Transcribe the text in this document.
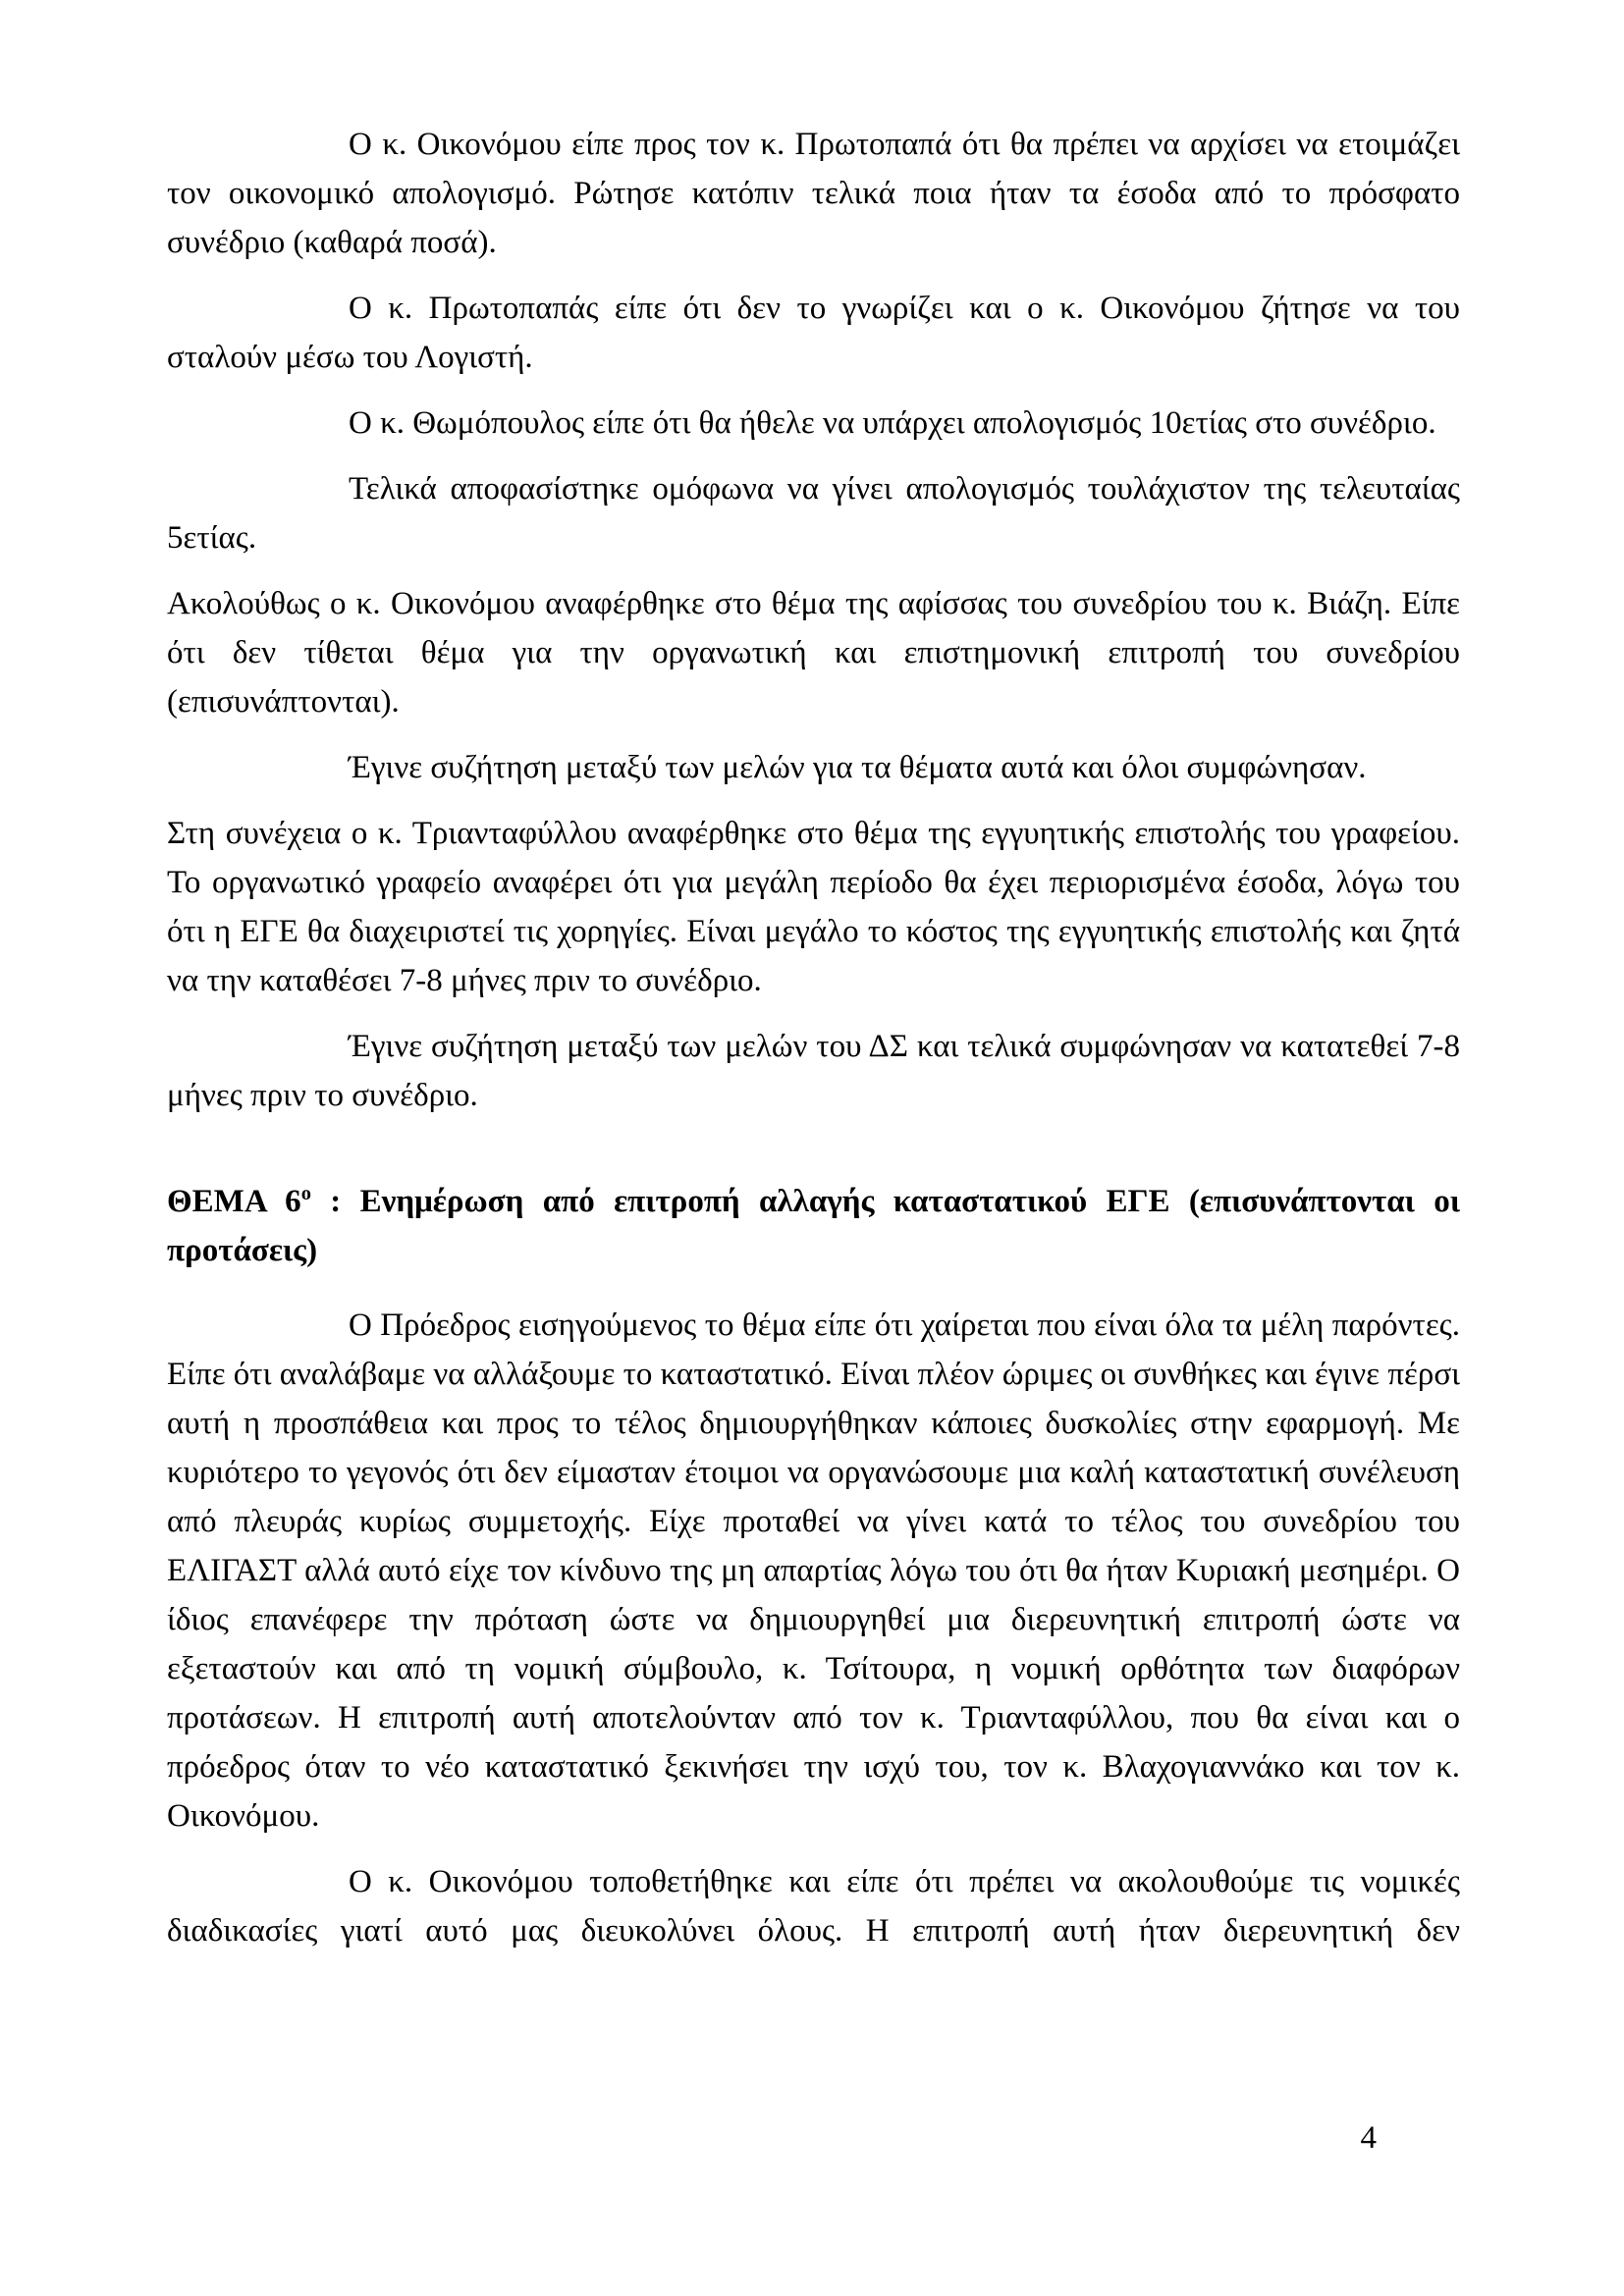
Ο κ. Οικονόμου είπε προς τον κ. Πρωτοπαπά ότι θα πρέπει να αρχίσει να ετοιμάζει τον οικονομικό απολογισμό. Ρώτησε κατόπιν τελικά ποια ήταν τα έσοδα από το πρόσφατο συνέδριο (καθαρά ποσά).

Ο κ. Πρωτοπαπάς είπε ότι δεν το γνωρίζει και ο κ. Οικονόμου ζήτησε να του σταλούν μέσω του Λογιστή.

Ο κ. Θωμόπουλος είπε ότι θα ήθελε να υπάρχει απολογισμός 10ετίας στο συνέδριο.

Τελικά αποφασίστηκε ομόφωνα να γίνει απολογισμός τουλάχιστον της τελευταίας 5ετίας.

Ακολούθως ο κ. Οικονόμου αναφέρθηκε στο θέμα της αφίσσας του συνεδρίου του κ. Βιάζη. Είπε ότι δεν τίθεται θέμα για την οργανωτική και επιστημονική επιτροπή του συνεδρίου (επισυνάπτονται).

Έγινε συζήτηση μεταξύ των μελών για τα θέματα αυτά και όλοι συμφώνησαν.

Στη συνέχεια ο κ. Τριανταφύλλου αναφέρθηκε στο θέμα της εγγυητικής επιστολής του γραφείου. Το οργανωτικό γραφείο αναφέρει ότι για μεγάλη περίοδο θα έχει περιορισμένα έσοδα, λόγω του ότι η ΕΓΕ θα διαχειριστεί τις χορηγίες. Είναι μεγάλο το κόστος της εγγυητικής επιστολής και ζητά να την καταθέσει 7-8 μήνες πριν το συνέδριο.

Έγινε συζήτηση μεταξύ των μελών του ΔΣ και τελικά συμφώνησαν να κατατεθεί 7-8 μήνες πριν το συνέδριο.

ΘΕΜΑ $6^o$ : Ενημέρωση από επιτροπή αλλαγής καταστατικού ΕΓΕ (επισυνάπτονται οι προτάσεις)

Ο Πρόεδρος εισηγούμενος το θέμα είπε ότι χαίρεται που είναι όλα τα μέλη παρόντες. Είπε ότι αναλάβαμε να αλλάξουμε το καταστατικό. Είναι πλέον ώριμες οι συνθήκες και έγινε πέρσι αυτή η προσπάθεια και προς το τέλος δημιουργήθηκαν κάποιες δυσκολίες στην εφαρμογή. Με κυριότερο το γεγονός ότι δεν είμασταν έτοιμοι να οργανώσουμε μια καλή καταστατική συνέλευση από πλευράς κυρίως συμμετοχής. Είχε προταθεί να γίνει κατά το τέλος του συνεδρίου του ΕΛΙΓΑΣΤ αλλά αυτό είχε τον κίνδυνο της μη απαρτίας λόγω του ότι θα ήταν Κυριακή μεσημέρι. Ο ίδιος επανέφερε την πρόταση ώστε να δημιουργηθεί μια διερευνητική επιτροπή ώστε να εξεταστούν και από τη νομική σύμβουλο, κ. Τσίτουρα, η νομική ορθότητα των διαφόρων προτάσεων. Η επιτροπή αυτή αποτελούνταν από τον κ. Τριανταφύλλου, που θα είναι και ο πρόεδρος όταν το νέο καταστατικό ξεκινήσει την ισχύ του, τον κ. Βλαχογιαννάκο και τον κ. Οικονόμου.

Ο κ. Οικονόμου τοποθετήθηκε και είπε ότι πρέπει να ακολουθούμε τις νομικές διαδικασίες γιατί αυτό μας διευκολύνει όλους. Η επιτροπή αυτή ήταν διερευνητική δεν

4
